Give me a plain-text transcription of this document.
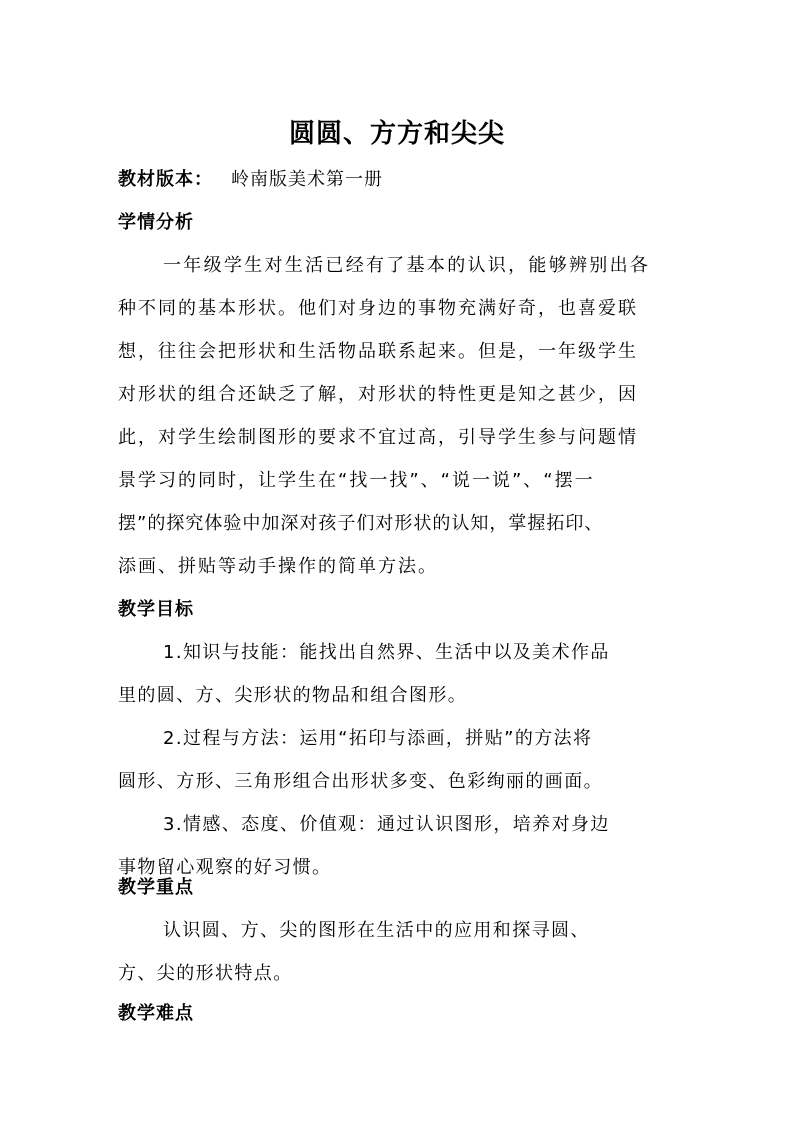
圆圆、方方和尖尖
教材版本： 岭南版美术第一册
学情分析
一年级学生对生活已经有了基本的认识，能够辨别出各
种不同的基本形状。他们对身边的事物充满好奇，也喜爱联
想，往往会把形状和生活物品联系起来。但是，一年级学生
对形状的组合还缺乏了解，对形状的特性更是知之甚少，因
此，对学生绘制图形的要求不宜过高，引导学生参与问题情
景学习的同时，让学生在“找一找”、“说一说”、“摆一
摆”的探究体验中加深对孩子们对形状的认知，掌握拓印、
添画、拼贴等动手操作的简单方法。
教学目标
1.知识与技能：能找出自然界、生活中以及美术作品
里的圆、方、尖形状的物品和组合图形。
2.过程与方法：运用“拓印与添画，拼贴”的方法将
圆形、方形、三角形组合出形状多变、色彩绚丽的画面。
3.情感、态度、价值观：通过认识图形，培养对身边
事物留心观察的好习惯。
教学重点
认识圆、方、尖的图形在生活中的应用和探寻圆、
方、尖的形状特点。
教学难点
